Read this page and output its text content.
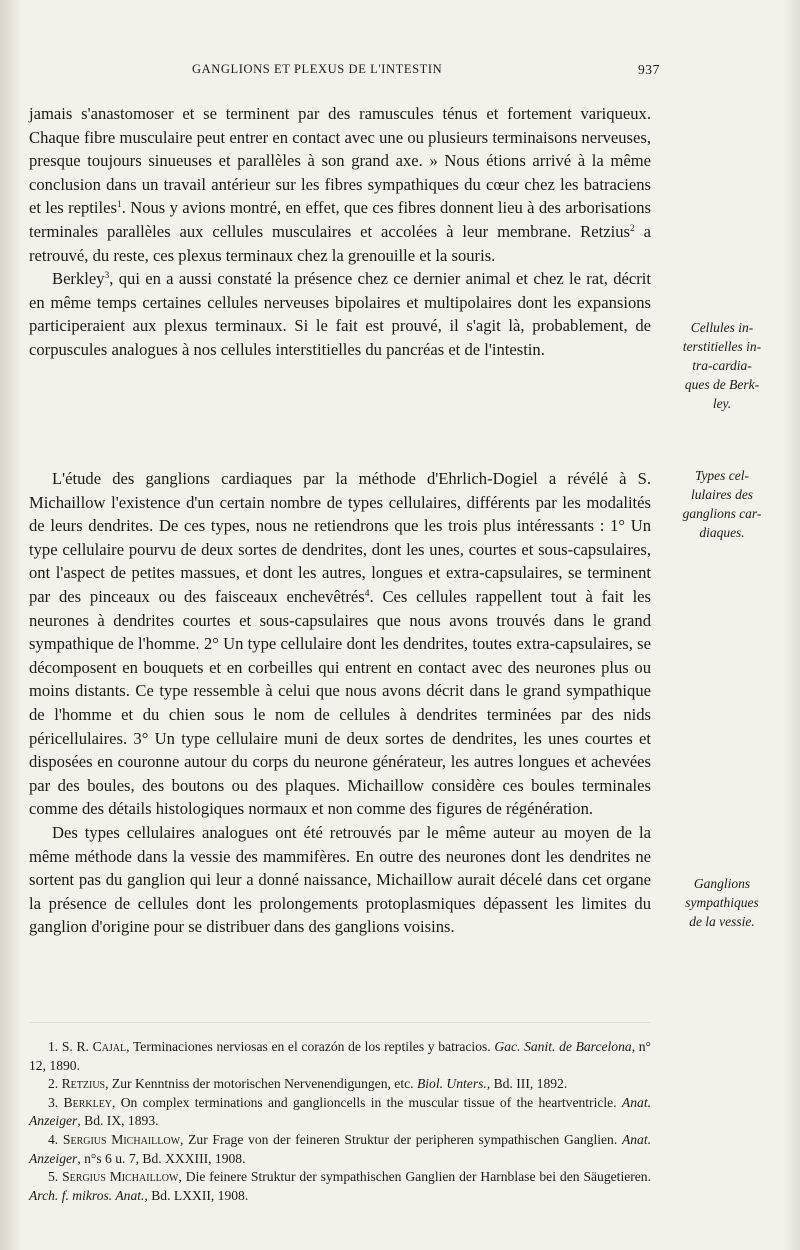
GANGLIONS ET PLEXUS DE L'INTESTIN	937

jamais s'anastomoser et se terminent par des ramuscules ténus et fortement variqueux. Chaque fibre musculaire peut entrer en contact avec une ou plusieurs terminaisons nerveuses, presque toujours sinueuses et parallèles à son grand axe. » Nous étions arrivé à la même conclusion dans un travail antérieur sur les fibres sympathiques du cœur chez les batraciens et les reptiles$^1$. Nous y avions montré, en effet, que ces fibres donnent lieu à des arborisations terminales parallèles aux cellules musculaires et accolées à leur membrane. Retzius$^2$ a retrouvé, du reste, ces plexus terminaux chez la grenouille et la souris.

Berkley$^3$, qui en a aussi constaté la présence chez ce dernier animal et chez le rat, décrit en même temps certaines cellules nerveuses bipolaires et multipolaires dont les expansions participeraient aux plexus terminaux. Si le fait est prouvé, il s'agit là, probablement, de corpuscules analogues à nos cellules interstitielles du pancréas et de l'intestin.

L'étude des ganglions cardiaques par la méthode d'Ehrlich-Dogiel a révélé à S. Michaillow l'existence d'un certain nombre de types cellulaires, différents par les modalités de leurs dendrites. De ces types, nous ne retiendrons que les trois plus intéressants : 1° Un type cellulaire pourvu de deux sortes de dendrites, dont les unes, courtes et sous-capsulaires, ont l'aspect de petites massues, et dont les autres, longues et extra-capsulaires, se terminent par des pinceaux ou des faisceaux enchevêtrés$^4$. Ces cellules rappellent tout à fait les neurones à dendrites courtes et sous-capsulaires que nous avons trouvés dans le grand sympathique de l'homme. 2° Un type cellulaire dont les dendrites, toutes extra-capsulaires, se décomposent en bouquets et en corbeilles qui entrent en contact avec des neurones plus ou moins distants. Ce type ressemble à celui que nous avons décrit dans le grand sympathique de l'homme et du chien sous le nom de cellules à dendrites terminées par des nids péricellulaires. 3° Un type cellulaire muni de deux sortes de dendrites, les unes courtes et disposées en couronne autour du corps du neurone générateur, les autres longues et achevées par des boules, des boutons ou des plaques. Michaillow considère ces boules terminales comme des détails histologiques normaux et non comme des figures de régénération.

Des types cellulaires analogues ont été retrouvés par le même auteur au moyen de la même méthode dans la vessie des mammifères. En outre des neurones dont les dendrites ne sortent pas du ganglion qui leur a donné naissance, Michaillow aurait décelé dans cet organe la présence de cellules dont les prolongements protoplasmiques dépassent les limites du ganglion d'origine pour se distribuer dans des ganglions voisins.

Cellules in-
terstitielles in-
tra-cardia-
ques de Berk-
ley.
Types cel-
lulaires des
ganglions car-
diaques.
Ganglions
sympathiques
de la vessie.

1. S. R. Cajal, Terminaciones nerviosas en el corazón de los reptiles y batracios. Gac. Sanit. de Barcelona, n° 12, 1890.

2. Retzius, Zur Kenntniss der motorischen Nervenendigungen, etc. Biol. Unters., Bd. III, 1892.

3. Berkley, On complex terminations and ganglioncells in the muscular tissue of the heartventricle. Anat. Anzeiger, Bd. IX, 1893.

4. Sergius Michaillow, Zur Frage von der feineren Struktur der peripheren sympathischen Ganglien. Anat. Anzeiger, n°s 6 u. 7, Bd. XXXIII, 1908.

5. Sergius Michaillow, Die feinere Struktur der sympathischen Ganglien der Harnblase bei den Säugetieren. Arch. f. mikros. Anat., Bd. LXXII, 1908.
